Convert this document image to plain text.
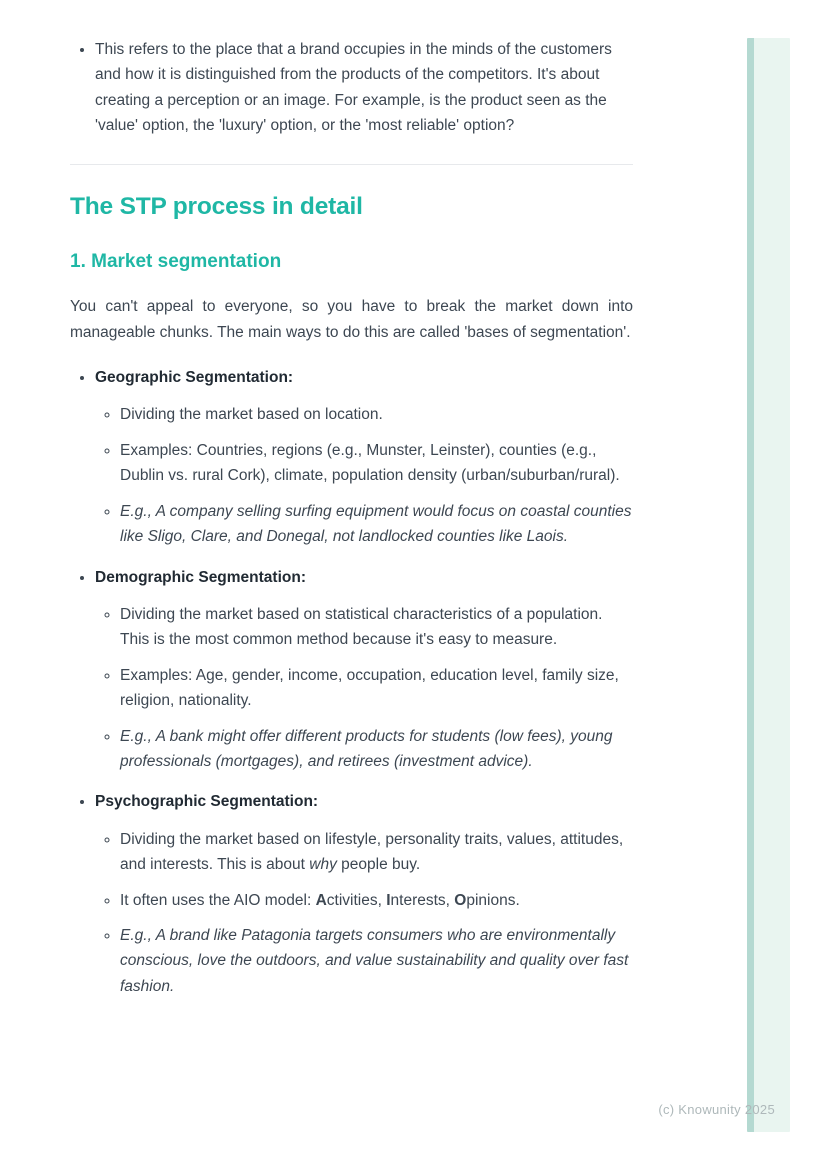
• This refers to the place that a brand occupies in the minds of the customers and how it is distinguished from the products of the competitors. It's about creating a perception or an image. For example, is the product seen as the 'value' option, the 'luxury' option, or the 'most reliable' option?
The STP process in detail
1. Market segmentation

You can't appeal to everyone, so you have to break the market down into manageable chunks. The main ways to do this are called 'bases of segmentation'.

• Geographic Segmentation:
◦ Dividing the market based on location.
◦ Examples: Countries, regions (e.g., Munster, Leinster), counties (e.g., Dublin vs. rural Cork), climate, population density (urban/suburban/rural).
◦ E.g., A company selling surfing equipment would focus on coastal counties like Sligo, Clare, and Donegal, not landlocked counties like Laois.
• Demographic Segmentation:
◦ Dividing the market based on statistical characteristics of a population. This is the most common method because it's easy to measure.
◦ Examples: Age, gender, income, occupation, education level, family size, religion, nationality.
◦ E.g., A bank might offer different products for students (low fees), young professionals (mortgages), and retirees (investment advice).
• Psychographic Segmentation:
◦ Dividing the market based on lifestyle, personality traits, values, attitudes, and interests. This is about why people buy.
◦ It often uses the AIO model: Activities, Interests, Opinions.
◦ E.g., A brand like Patagonia targets consumers who are environmentally conscious, love the outdoors, and value sustainability and quality over fast fashion.
(c) Knowunity 2025
